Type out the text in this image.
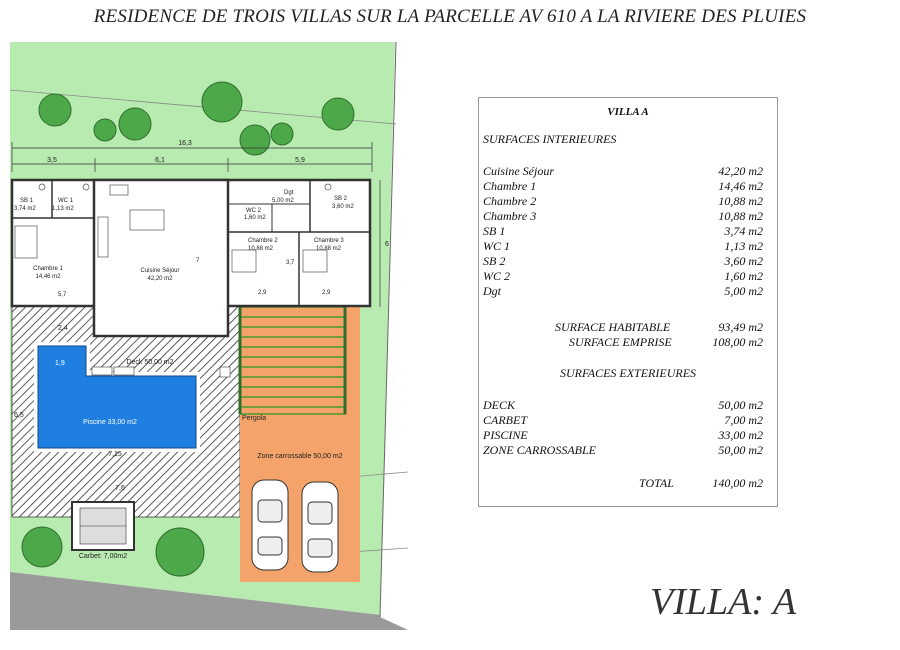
RESIDENCE DE TROIS VILLAS SUR LA PARCELLE AV 610 A LA RIVIERE DES PLUIES
16,3
3,5	6,1	5,9
6
2,4
1,9
6,5
7,15
7,6
Deck 50,00 m2
Piscine 33,00 m2
Pergola
Zone carrossable 50,00 m2
Carbet: 7,00m2
SB 1
3,74 m2
WC 1
1,13 m2
Chambre 1
14,46 m2
5,7
Cuisine Séjour
42,20 m2
7
Dgt
5,00 m2
WC 2
1,60 m2
SB 2
3,60 m2
Chambre 2
10,88 m2
Chambre 3
10,88 m2
3,7
2,9	2,9
VILLA A
SURFACES INTERIEURES
Cuisine Séjour	42,20 m2
Chambre 1	14,46 m2
Chambre 2	10,88 m2
Chambre 3	10,88 m2
SB 1	3,74 m2
WC 1	1,13 m2
SB 2	3,60 m2
WC 2	1,60 m2
Dgt	5,00 m2
SURFACE HABITABLE	93,49 m2
SURFACE EMPRISE	108,00 m2
SURFACES EXTERIEURES
DECK	50,00 m2
CARBET	7,00 m2
PISCINE	33,00 m2
ZONE CARROSSABLE	50,00 m2
TOTAL	140,00 m2
VILLA: A
